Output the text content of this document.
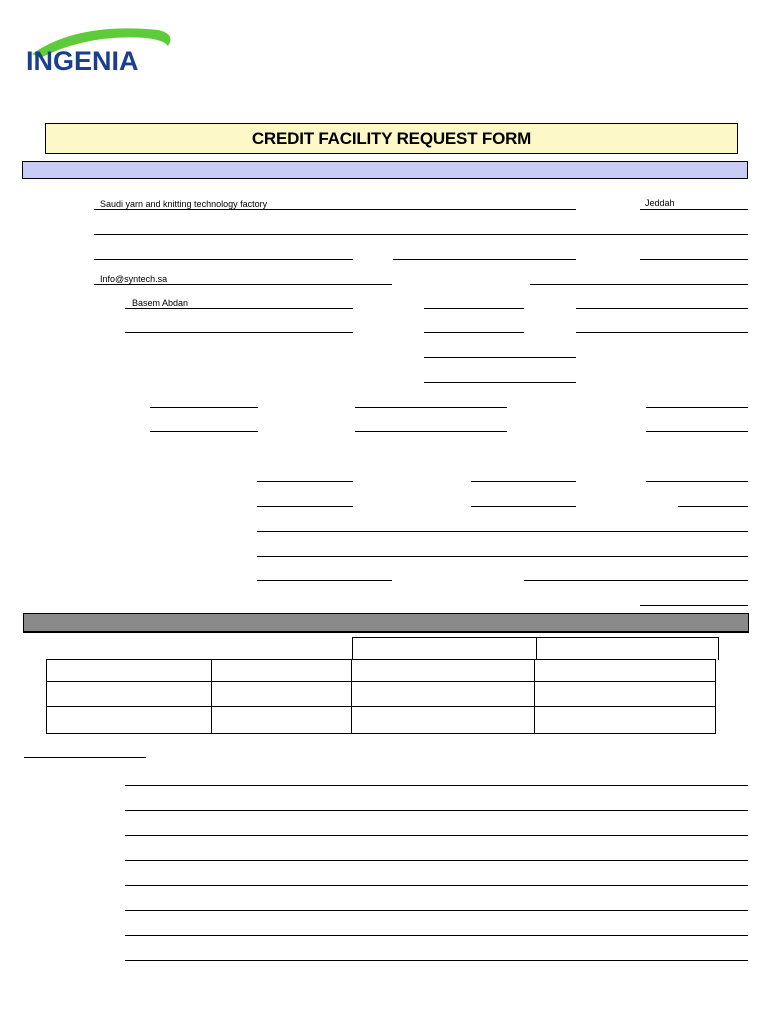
INGENIA
CREDIT FACILITY REQUEST FORM
Saudi yarn and knitting technology factory	Jeddah
Info@syntech.sa
Basem Abdan
